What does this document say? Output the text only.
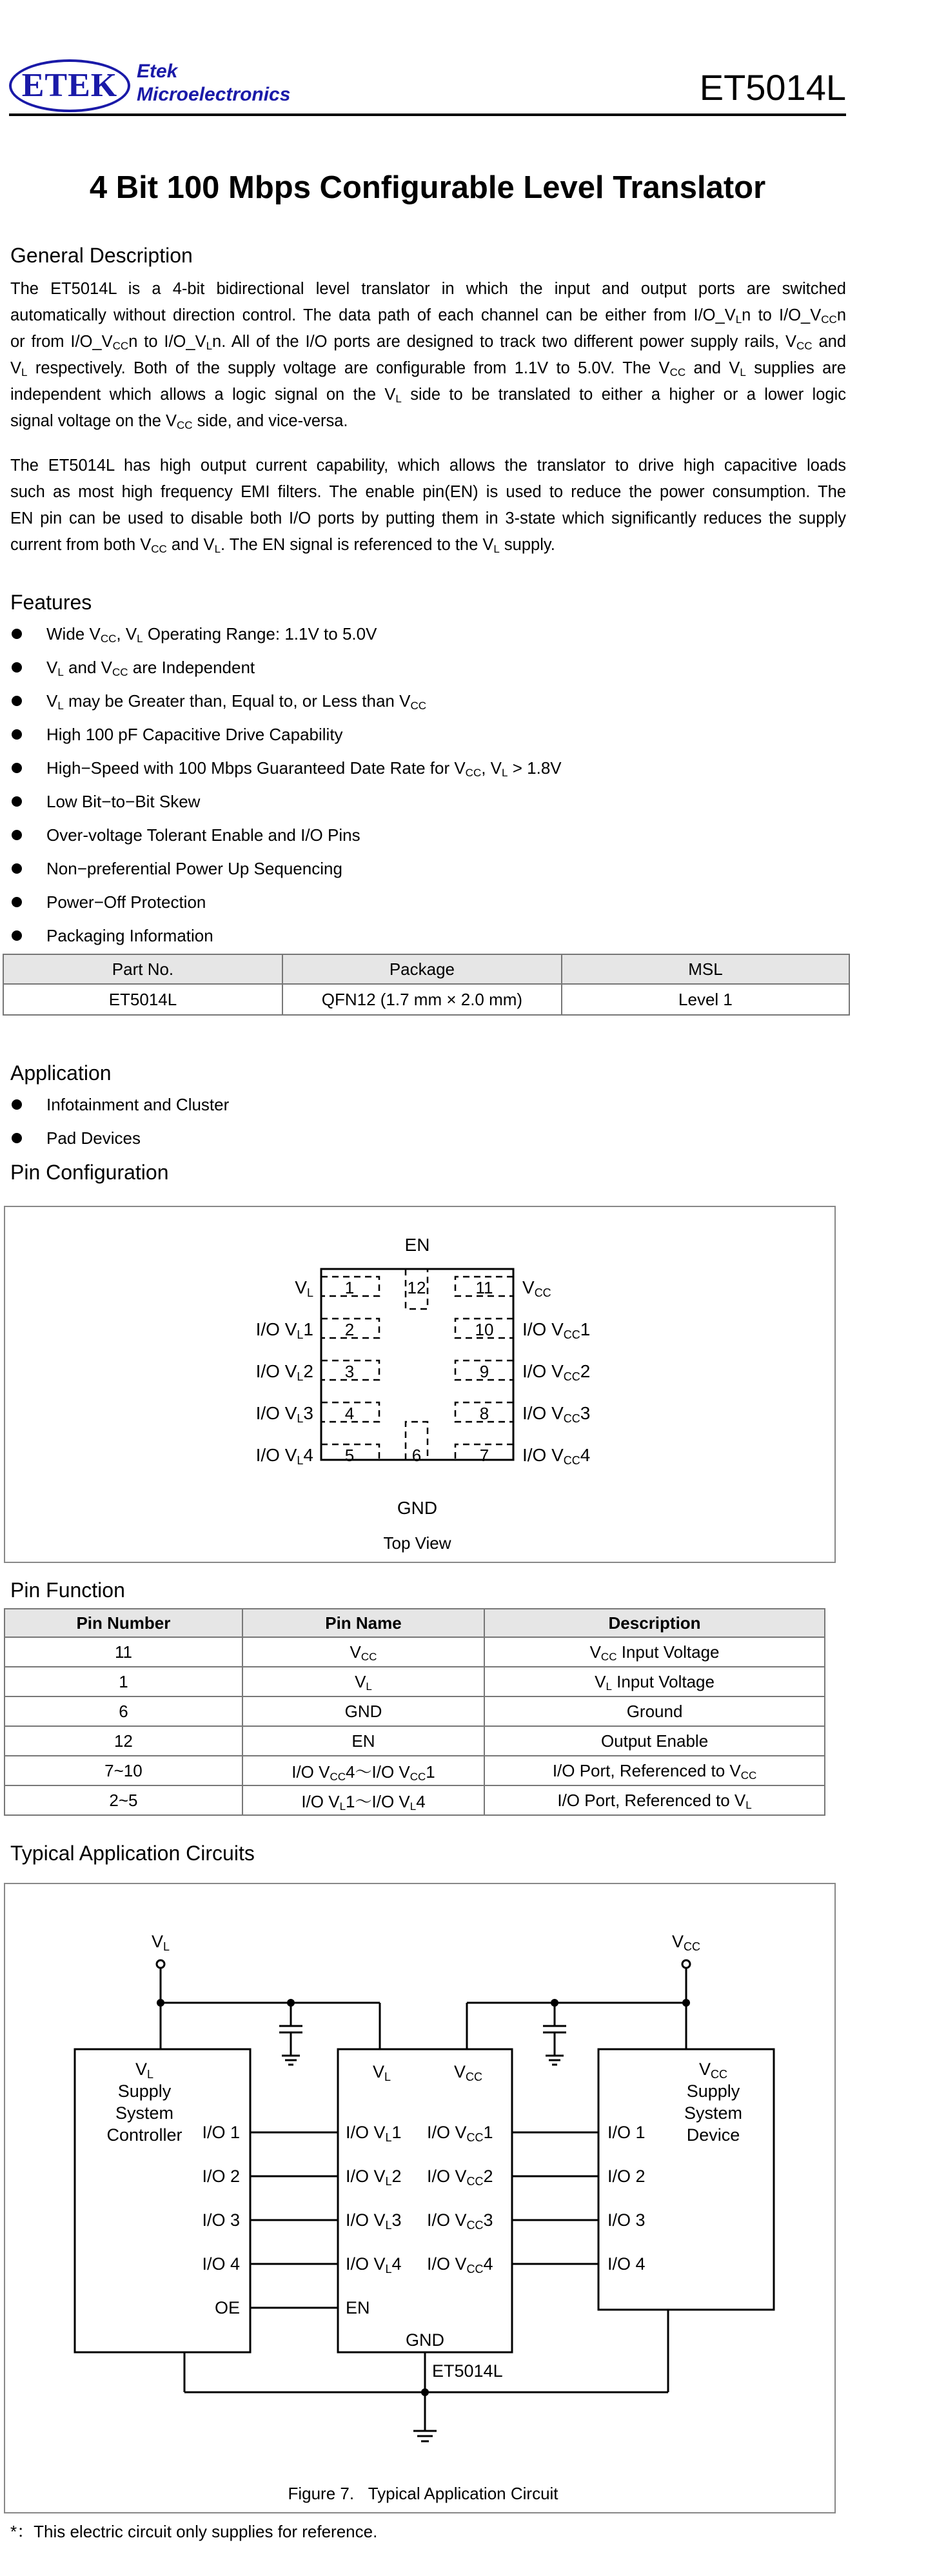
ETEK Etek
Microelectronics	ET5014L
4 Bit 100 Mbps Configurable Level Translator
General Description
The ET5014L is a 4-bit bidirectional level translator in which the input and output ports are switched
automatically without direction control. The data path of each channel can be either from $I/O\_V_Ln$ to $I/O\_V_{CC}n$
or from $I/O\_V_{CC}n$ to $I/O\_V_Ln$. All of the I/O ports are designed to track two different power supply rails, $V_{CC}$ and
$V_L$ respectively. Both of the supply voltage are configurable from 1.1V to 5.0V. The $V_{CC}$ and $V_L$ supplies are
independent which allows a logic signal on the $V_L$ side to be translated to either a higher or a lower logic
signal voltage on the $V_{CC}$ side, and vice-versa.
The ET5014L has high output current capability, which allows the translator to drive high capacitive loads
such as most high frequency EMI filters. The enable pin(EN) is used to reduce the power consumption. The
EN pin can be used to disable both I/O ports by putting them in 3-state which significantly reduces the supply
current from both $V_{CC}$ and $V_L$. The EN signal is referenced to the $V_L$ supply.
Features
Wide $V_{CC}$, $V_L$ Operating Range: 1.1V to 5.0V
$V_L$ and $V_{CC}$ are Independent
$V_L$ may be Greater than, Equal to, or Less than $V_{CC}$
High 100 pF Capacitive Drive Capability
High−Speed with 100 Mbps Guaranteed Date Rate for $V_{CC}$, $V_L > 1.8V$
Low Bit−to−Bit Skew
Over-voltage Tolerant Enable and I/O Pins
Non−preferential Power Up Sequencing
Power−Off Protection
Packaging Information
Part No.	Package	MSL
ET5014L	QFN12 (1.7 mm × 2.0 mm)	Level 1
Application
Infotainment and Cluster
Pad Devices
Pin Configuration
EN
GND
Top View
1
2
3
4
5
11
10
9
8
7
12
6
VL
I/O VL1
I/O VL2
I/O VL3
I/O VL4
VCC
I/O VCC1
I/O VCC2
I/O VCC3
I/O VCC4
Pin Function
Pin Number	Pin Name	Description
11	$V_{CC}$	$V_{CC}$ Input Voltage
1	$V_L$	$V_L$ Input Voltage
6	GND	Ground
12	EN	Output Enable
7~10	I/O $V_{CC}4\sim I/O$ $V_{CC}1$	I/O Port, Referenced to $V_{CC}$
2~5	I/O $V_L1\sim I/O$ $V_L4$	I/O Port, Referenced to $V_L$
Typical Application Circuits
VL	VCC
VL
Supply
System
Controller I/O 1
I/O 2
I/O 3
I/O 4
OE
VL
I/O VL1
I/O VL2
I/O VL3
I/O VL4
EN
VCC
I/O VCC1
I/O VCC2
I/O VCC3
I/O VCC4
GND
ET5014L
VCC
Supply
System
Device
I/O 1
I/O 2
I/O 3
I/O 4
Figure 7.   Typical Application Circuit
*：This electric circuit only supplies for reference.
